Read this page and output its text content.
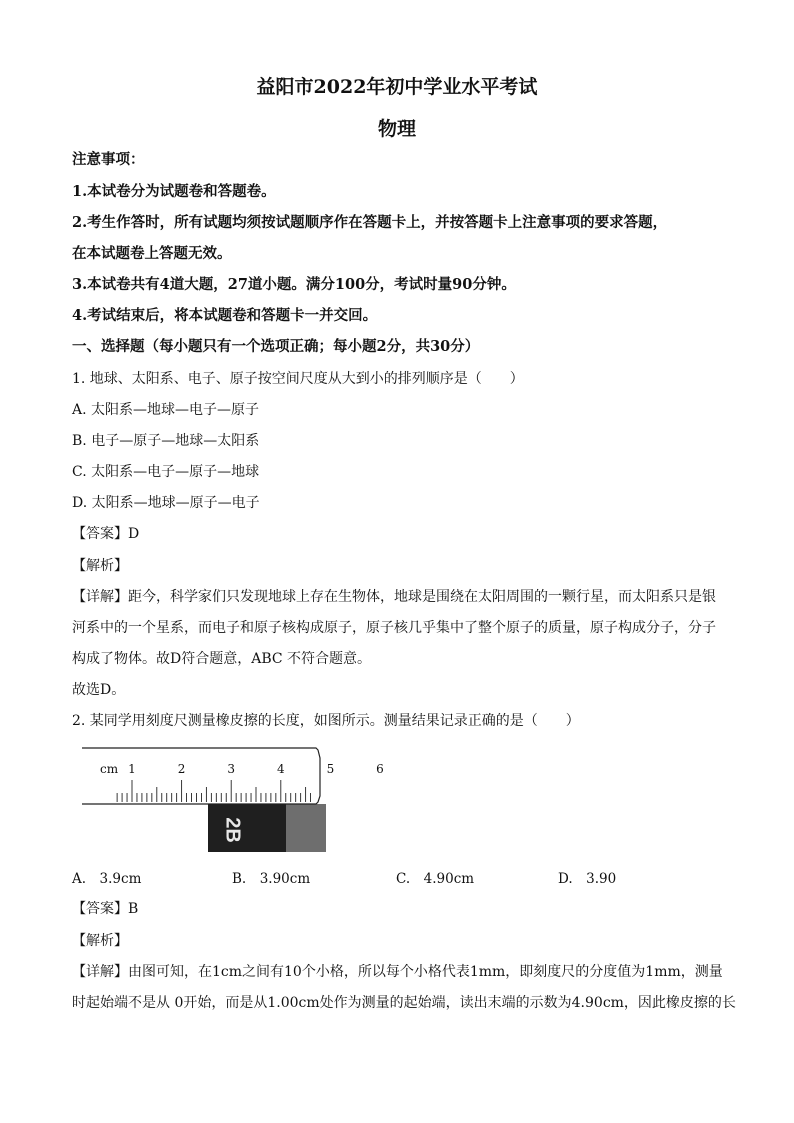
益阳市2022年初中学业水平考试
物理
注意事项：
1.本试卷分为试题卷和答题卷。
2.考生作答时，所有试题均须按试题顺序作在答题卡上，并按答题卡上注意事项的要求答题，
在本试题卷上答题无效。
3.本试卷共有4道大题，27道小题。满分100分，考试时量90分钟。
4.考试结束后，将本试题卷和答题卡一并交回。
一、选择题（每小题只有一个选项正确；每小题2分，共30分）
1. 地球、太阳系、电子、原子按空间尺度从大到小的排列顺序是（　　）
A. 太阳系—地球—电子—原子
B. 电子—原子—地球—太阳系
C. 太阳系—电子—原子—地球
D. 太阳系—地球—原子—电子
【答案】D
【解析】
【详解】距今，科学家们只发现地球上存在生物体，地球是围绕在太阳周围的一颗行星，而太阳系只是银
河系中的一个星系，而电子和原子核构成原子，原子核几乎集中了整个原子的质量，原子构成分子，分子
构成了物体。故D符合题意，ABC 不符合题意。
故选D。
2. 某同学用刻度尺测量橡皮擦的长度，如图所示。测量结果记录正确的是（　　）
2B
1	2	3	4	5	6
cm
A.　3.9cm	B.　3.90cm	C.　4.90cm	D.　3.90
【答案】B
【解析】
【详解】由图可知，在1cm之间有10个小格，所以每个小格代表1mm，即刻度尺的分度值为1mm，测量
时起始端不是从 0开始，而是从1.00cm处作为测量的起始端，读出末端的示数为4.90cm，因此橡皮擦的长
